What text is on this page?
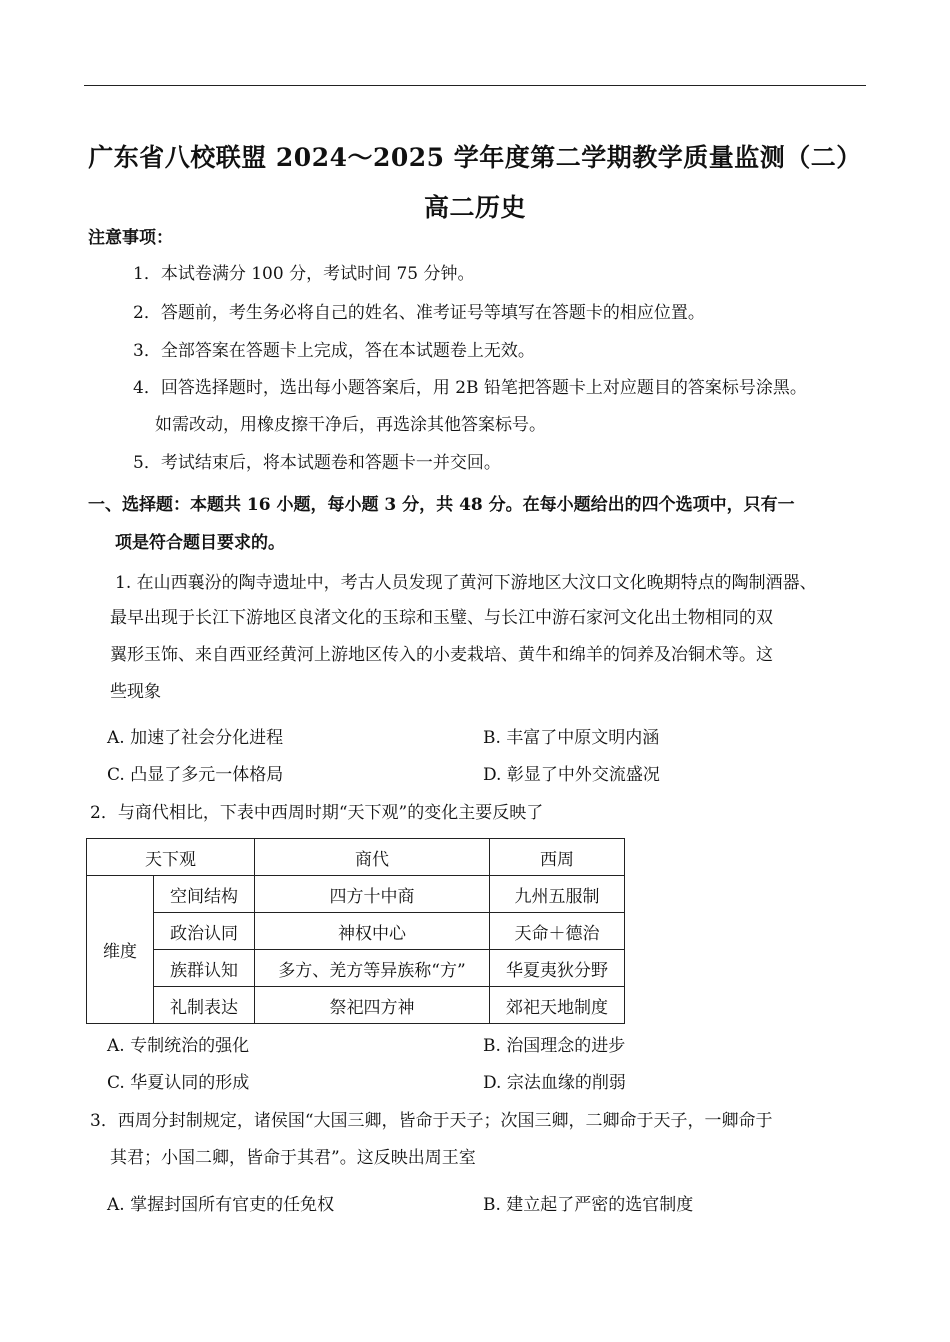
广东省八校联盟 2024～2025 学年度第二学期教学质量监测（二）
高二历史
注意事项：
1．本试卷满分 100 分，考试时间 75 分钟。
2．答题前，考生务必将自己的姓名、准考证号等填写在答题卡的相应位置。
3．全部答案在答题卡上完成，答在本试题卷上无效。
4．回答选择题时，选出每小题答案后，用 2B 铅笔把答题卡上对应题目的答案标号涂黑。
如需改动，用橡皮擦干净后，再选涂其他答案标号。
5．考试结束后，将本试题卷和答题卡一并交回。
一、选择题：本题共 16 小题，每小题 3 分，共 48 分。在每小题给出的四个选项中，只有一
项是符合题目要求的。
1. 在山西襄汾的陶寺遗址中，考古人员发现了黄河下游地区大汶口文化晚期特点的陶制酒器、
最早出现于长江下游地区良渚文化的玉琮和玉璧、与长江中游石家河文化出土物相同的双
翼形玉饰、来自西亚经黄河上游地区传入的小麦栽培、黄牛和绵羊的饲养及冶铜术等。这
些现象
A. 加速了社会分化进程	B. 丰富了中原文明内涵
C. 凸显了多元一体格局	D. 彰显了中外交流盛况
2．与商代相比，下表中西周时期“天下观”的变化主要反映了
天下观		商代	西周
维度	空间结构	四方十中商	九州五服制
	政治认同	神权中心	天命＋德治
	族群认知	多方、羌方等异族称“方”	华夏夷狄分野
	礼制表达	祭祀四方神	郊祀天地制度
A. 专制统治的强化	B. 治国理念的进步
C. 华夏认同的形成	D. 宗法血缘的削弱
3．西周分封制规定，诸侯国“大国三卿，皆命于天子；次国三卿，二卿命于天子，一卿命于
其君；小国二卿，皆命于其君”。这反映出周王室
A. 掌握封国所有官吏的任免权	B. 建立起了严密的选官制度
